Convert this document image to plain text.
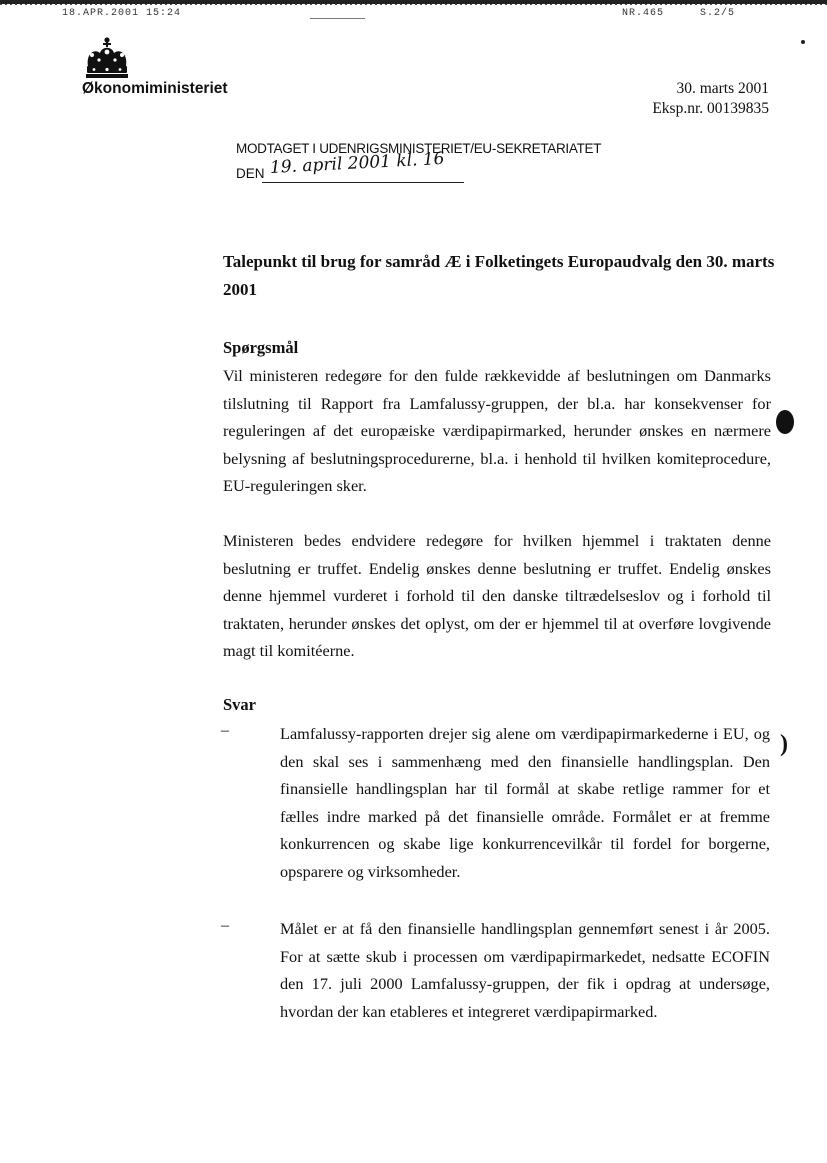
18.APR.2001 15:24	NR.465	S.2/5
Økonomiministeriet	30. marts 2001
Eksp.nr. 00139835
MODTAGET I UDENRIGSMINISTERIET/EU-SEKRETARIATET
DEN 19. april 2001 kl. 16
Talepunkt til brug for samråd Æ i Folketingets Europaudvalg den 30. marts 2001
Spørgsmål
Vil ministeren redegøre for den fulde rækkevidde af beslutningen om Danmarks tilslutning til Rapport fra Lamfalussy-gruppen, der bl.a. har konsekvenser for reguleringen af det europæiske værdipapirmarked, herunder ønskes en nærmere belysning af beslutningsprocedurerne, bl.a. i henhold til hvilken komiteprocedure, EU-reguleringen sker.
Ministeren bedes endvidere redegøre for hvilken hjemmel i traktaten denne beslutning er truffet. Endelig ønskes denne beslutning er truffet. Endelig ønskes denne hjemmel vurderet i forhold til den danske tiltrædelseslov og i forhold til traktaten, herunder ønskes det oplyst, om der er hjemmel til at overføre lovgivende magt til komitéerne.
Svar
–	Lamfalussy-rapporten drejer sig alene om værdipapirmarkederne i EU, og den skal ses i sammenhæng med den finansielle handlingsplan. Den finansielle handlingsplan har til formål at skabe retlige rammer for et fælles indre marked på det finansielle område. Formålet er at fremme konkurrencen og skabe lige konkurrencevilkår til fordel for borgerne, opsparere og virksomheder.
–	Målet er at få den finansielle handlingsplan gennemført senest i år 2005. For at sætte skub i processen om værdipapirmarkedet, nedsatte ECOFIN den 17. juli 2000 Lamfalussy-gruppen, der fik i opdrag at undersøge, hvordan der kan etableres et integreret værdipapirmarked.
)
